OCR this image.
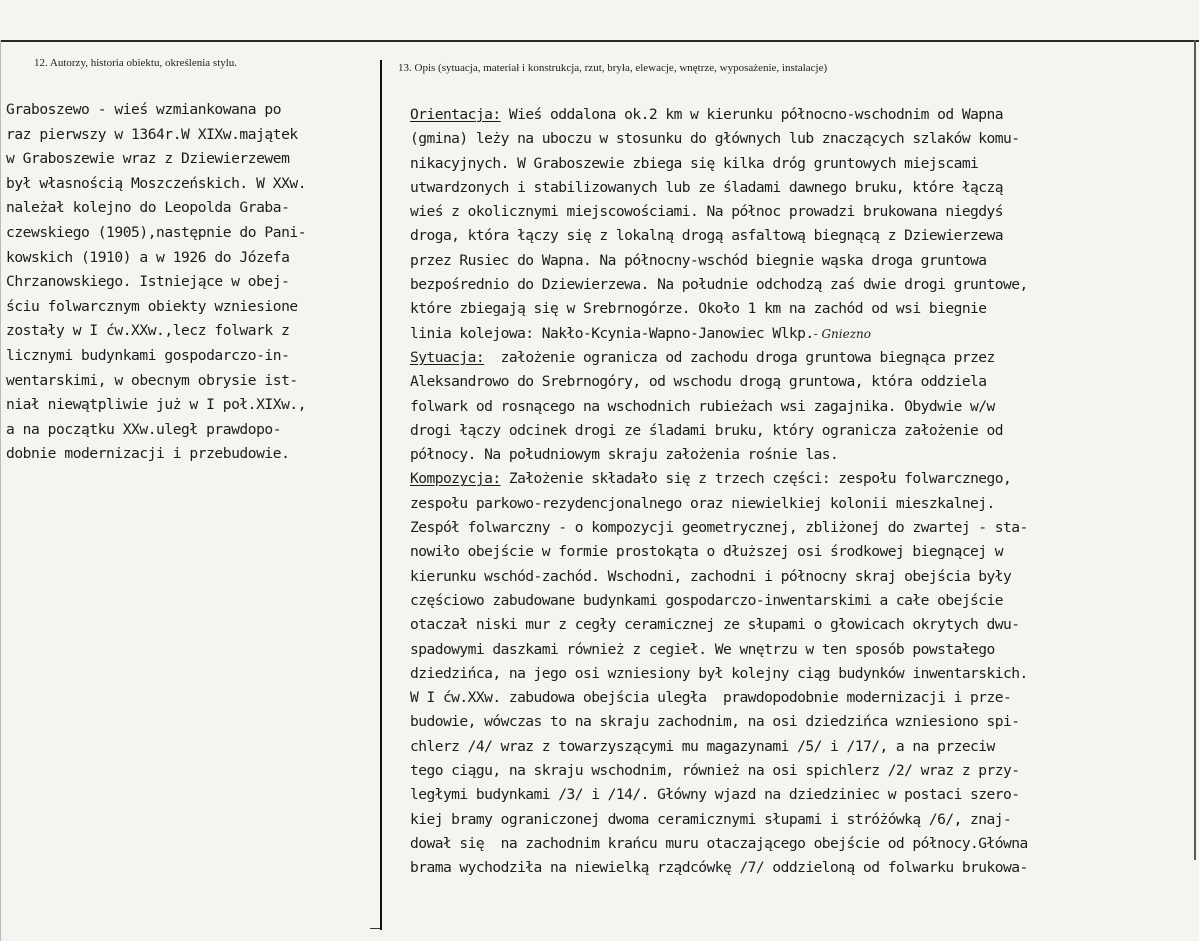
12. Autorzy, historia obiektu, określenia stylu.	13. Opis (sytuacja, materiał i konstrukcja, rzut, bryła, elewacje, wnętrze, wyposażenie, instalacje)
Graboszewo - wieś wzmiankowana po
raz pierwszy w 1364r.W XIXw.majątek
w Graboszewie wraz z Dziewierzewem
był własnością Moszczeńskich. W XXw.
należał kolejno do Leopolda Graba-
czewskiego (1905),następnie do Pani-
kowskich (1910) a w 1926 do Józefa
Chrzanowskiego. Istniejące w obej-
ściu folwarcznym obiekty wzniesione
zostały w I ćw.XXw.,lecz folwark z
licznymi budynkami gospodarczo-in-
wentarskimi, w obecnym obrysie ist-
niał niewątpliwie już w I poł.XIXw.,
a na początku XXw.uległ prawdopo-
dobnie modernizacji i przebudowie.
Orientacja: Wieś oddalona ok.2 km w kierunku północno-wschodnim od Wapna
(gmina) leży na uboczu w stosunku do głównych lub znaczących szlaków komu-
nikacyjnych. W Graboszewie zbiega się kilka dróg gruntowych miejscami
utwardzonych i stabilizowanych lub ze śladami dawnego bruku, które łączą
wieś z okolicznymi miejscowościami. Na północ prowadzi brukowana niegdyś
droga, która łączy się z lokalną drogą asfaltową biegnącą z Dziewierzewa
przez Rusiec do Wapna. Na północny-wschód biegnie wąska droga gruntowa
bezpośrednio do Dziewierzewa. Na południe odchodzą zaś dwie drogi gruntowe,
które zbiegają się w Srebrnogórze. Około 1 km na zachód od wsi biegnie
linia kolejowa: Nakło-Kcynia-Wapno-Janowiec Wlkp.- Gniezno
Sytuacja:  założenie ogranicza od zachodu droga gruntowa biegnąca przez
Aleksandrowo do Srebrnogóry, od wschodu drogą gruntowa, która oddziela
folwark od rosnącego na wschodnich rubieżach wsi zagajnika. Obydwie w/w
drogi łączy odcinek drogi ze śladami bruku, który ogranicza założenie od
północy. Na południowym skraju założenia rośnie las.
Kompozycja: Założenie składało się z trzech części: zespołu folwarcznego,
zespołu parkowo-rezydencjonalnego oraz niewielkiej kolonii mieszkalnej.
Zespół folwarczny - o kompozycji geometrycznej, zbliżonej do zwartej - sta-
nowiło obejście w formie prostokąta o dłuższej osi środkowej biegnącej w
kierunku wschód-zachód. Wschodni, zachodni i północny skraj obejścia były
częściowo zabudowane budynkami gospodarczo-inwentarskimi a całe obejście
otaczał niski mur z cegły ceramicznej ze słupami o głowicach okrytych dwu-
spadowymi daszkami również z cegieł. We wnętrzu w ten sposób powstałego
dziedzińca, na jego osi wzniesiony był kolejny ciąg budynków inwentarskich.
W I ćw.XXw. zabudowa obejścia uległa  prawdopodobnie modernizacji i prze-
budowie, wówczas to na skraju zachodnim, na osi dziedzińca wzniesiono spi-
chlerz /4/ wraz z towarzyszącymi mu magazynami /5/ i /17/, a na przeciw
tego ciągu, na skraju wschodnim, również na osi spichlerz /2/ wraz z przy-
ległymi budynkami /3/ i /14/. Główny wjazd na dziedziniec w postaci szero-
kiej bramy ograniczonej dwoma ceramicznymi słupami i stróżówką /6/, znaj-
dował się  na zachodnim krańcu muru otaczającego obejście od północy.Główna
brama wychodziła na niewielką rządcówkę /7/ oddzieloną od folwarku brukowa-
